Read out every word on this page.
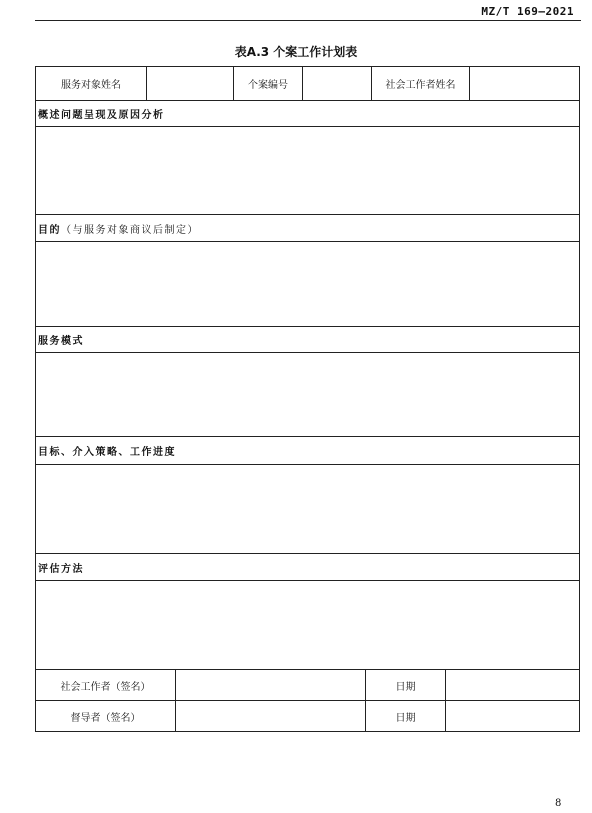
MZ/T 169—2021
表A.3 个案工作计划表
服务对象姓名	个案编号	社会工作者姓名
概述问题呈现及原因分析
目的 （与服务对象商议后制定）
服务模式
目标、介入策略、工作进度
评估方法
社会工作者（签名）	日期
督导者（签名）	日期
8
